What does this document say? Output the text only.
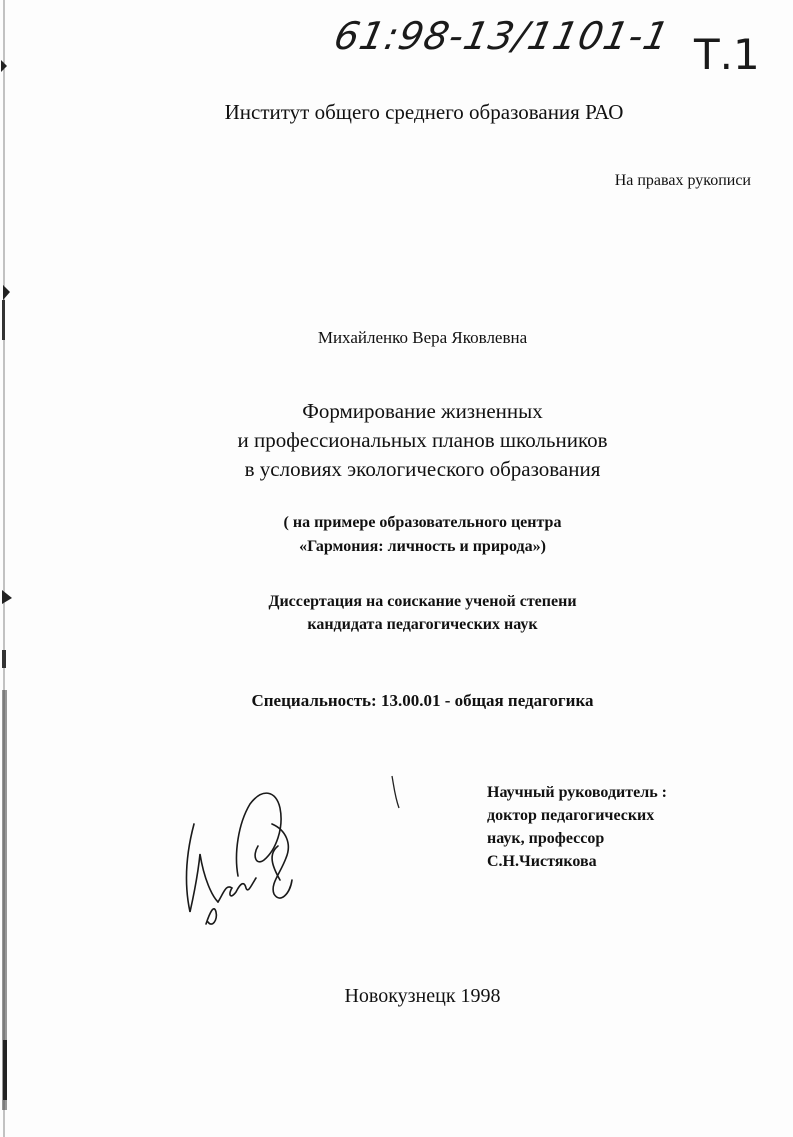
61:98-13/1101-1 Т.1
Институт общего среднего образования РАО
На правах рукописи
Михайленко Вера Яковлевна
Формирование жизненных
и профессиональных планов школьников
в условиях экологического образования
( на примере образовательного центра
«Гармония: личность и природа»)
Диссертация на соискание ученой степени
кандидата педагогических наук
Специальность: 13.00.01 - общая педагогика
Научный руководитель :
доктор педагогических
наук, профессор
С.Н.Чистякова
Новокузнецк 1998
